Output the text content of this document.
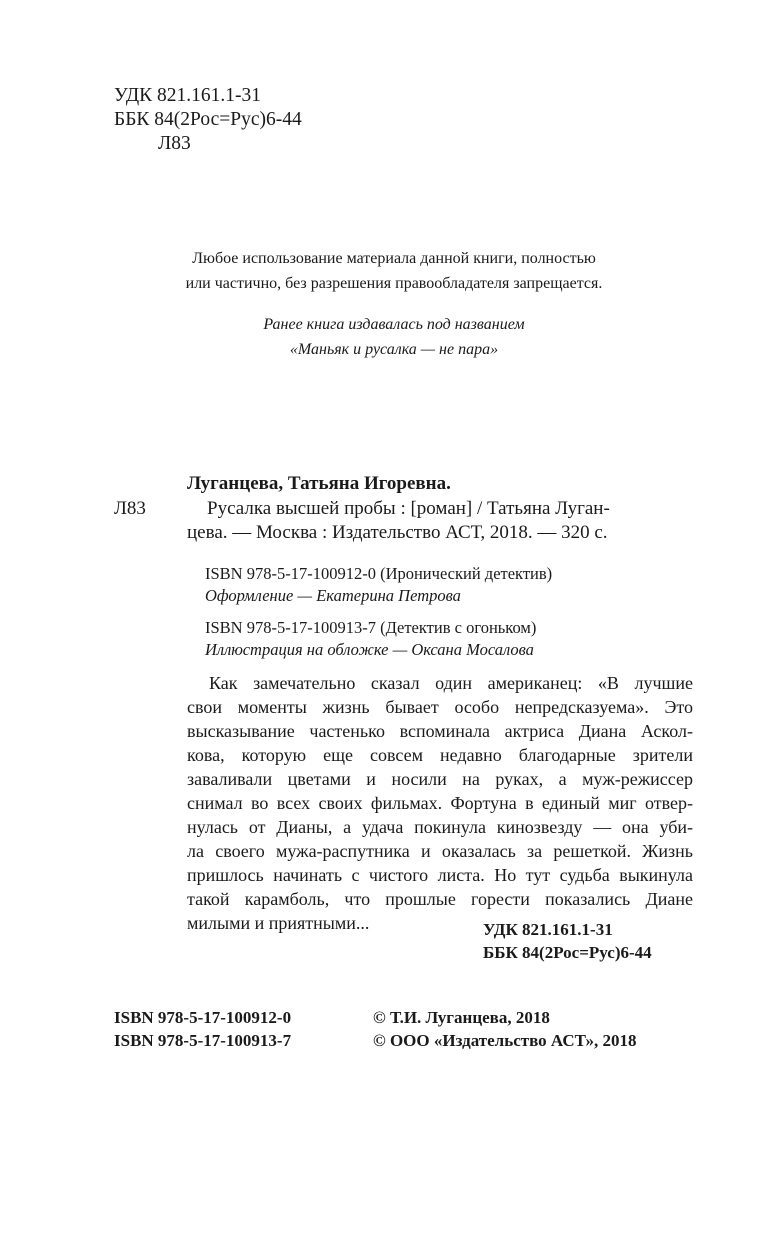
УДК 821.161.1-31
ББК 84(2Рос=Рус)6-44
Л83
Любое использование материала данной книги, полностью
или частично, без разрешения правообладателя запрещается.
Ранее книга издавалась под названием
«Маньяк и русалка — не пара»
Луганцева, Татьяна Игоревна.
Л83	Русалка высшей пробы : [роман] / Татьяна Луган-
цева. — Москва : Издательство АСТ, 2018. — 320 с.
ISBN 978-5-17-100912-0 (Иронический детектив)
Оформление — Екатерина Петрова
ISBN 978-5-17-100913-7 (Детектив с огоньком)
Иллюстрация на обложке — Оксана Мосалова
Как замечательно сказал один американец: «В лучшие
свои моменты жизнь бывает особо непредсказуема». Это
высказывание частенько вспоминала актриса Диана Аскол-
кова, которую еще совсем недавно благодарные зрители
заваливали цветами и носили на руках, а муж-режиссер
снимал во всех своих фильмах. Фортуна в единый миг отвер-
нулась от Дианы, а удача покинула кинозвезду — она уби-
ла своего мужа-распутника и оказалась за решеткой. Жизнь
пришлось начинать с чистого листа. Но тут судьба выкинула
такой карамболь, что прошлые горести показались Диане
милыми и приятными...	УДК 821.161.1-31
ББК 84(2Рос=Рус)6-44
ISBN 978-5-17-100912-0
ISBN 978-5-17-100913-7
© Т.И. Луганцева, 2018
© ООО «Издательство АСТ», 2018
